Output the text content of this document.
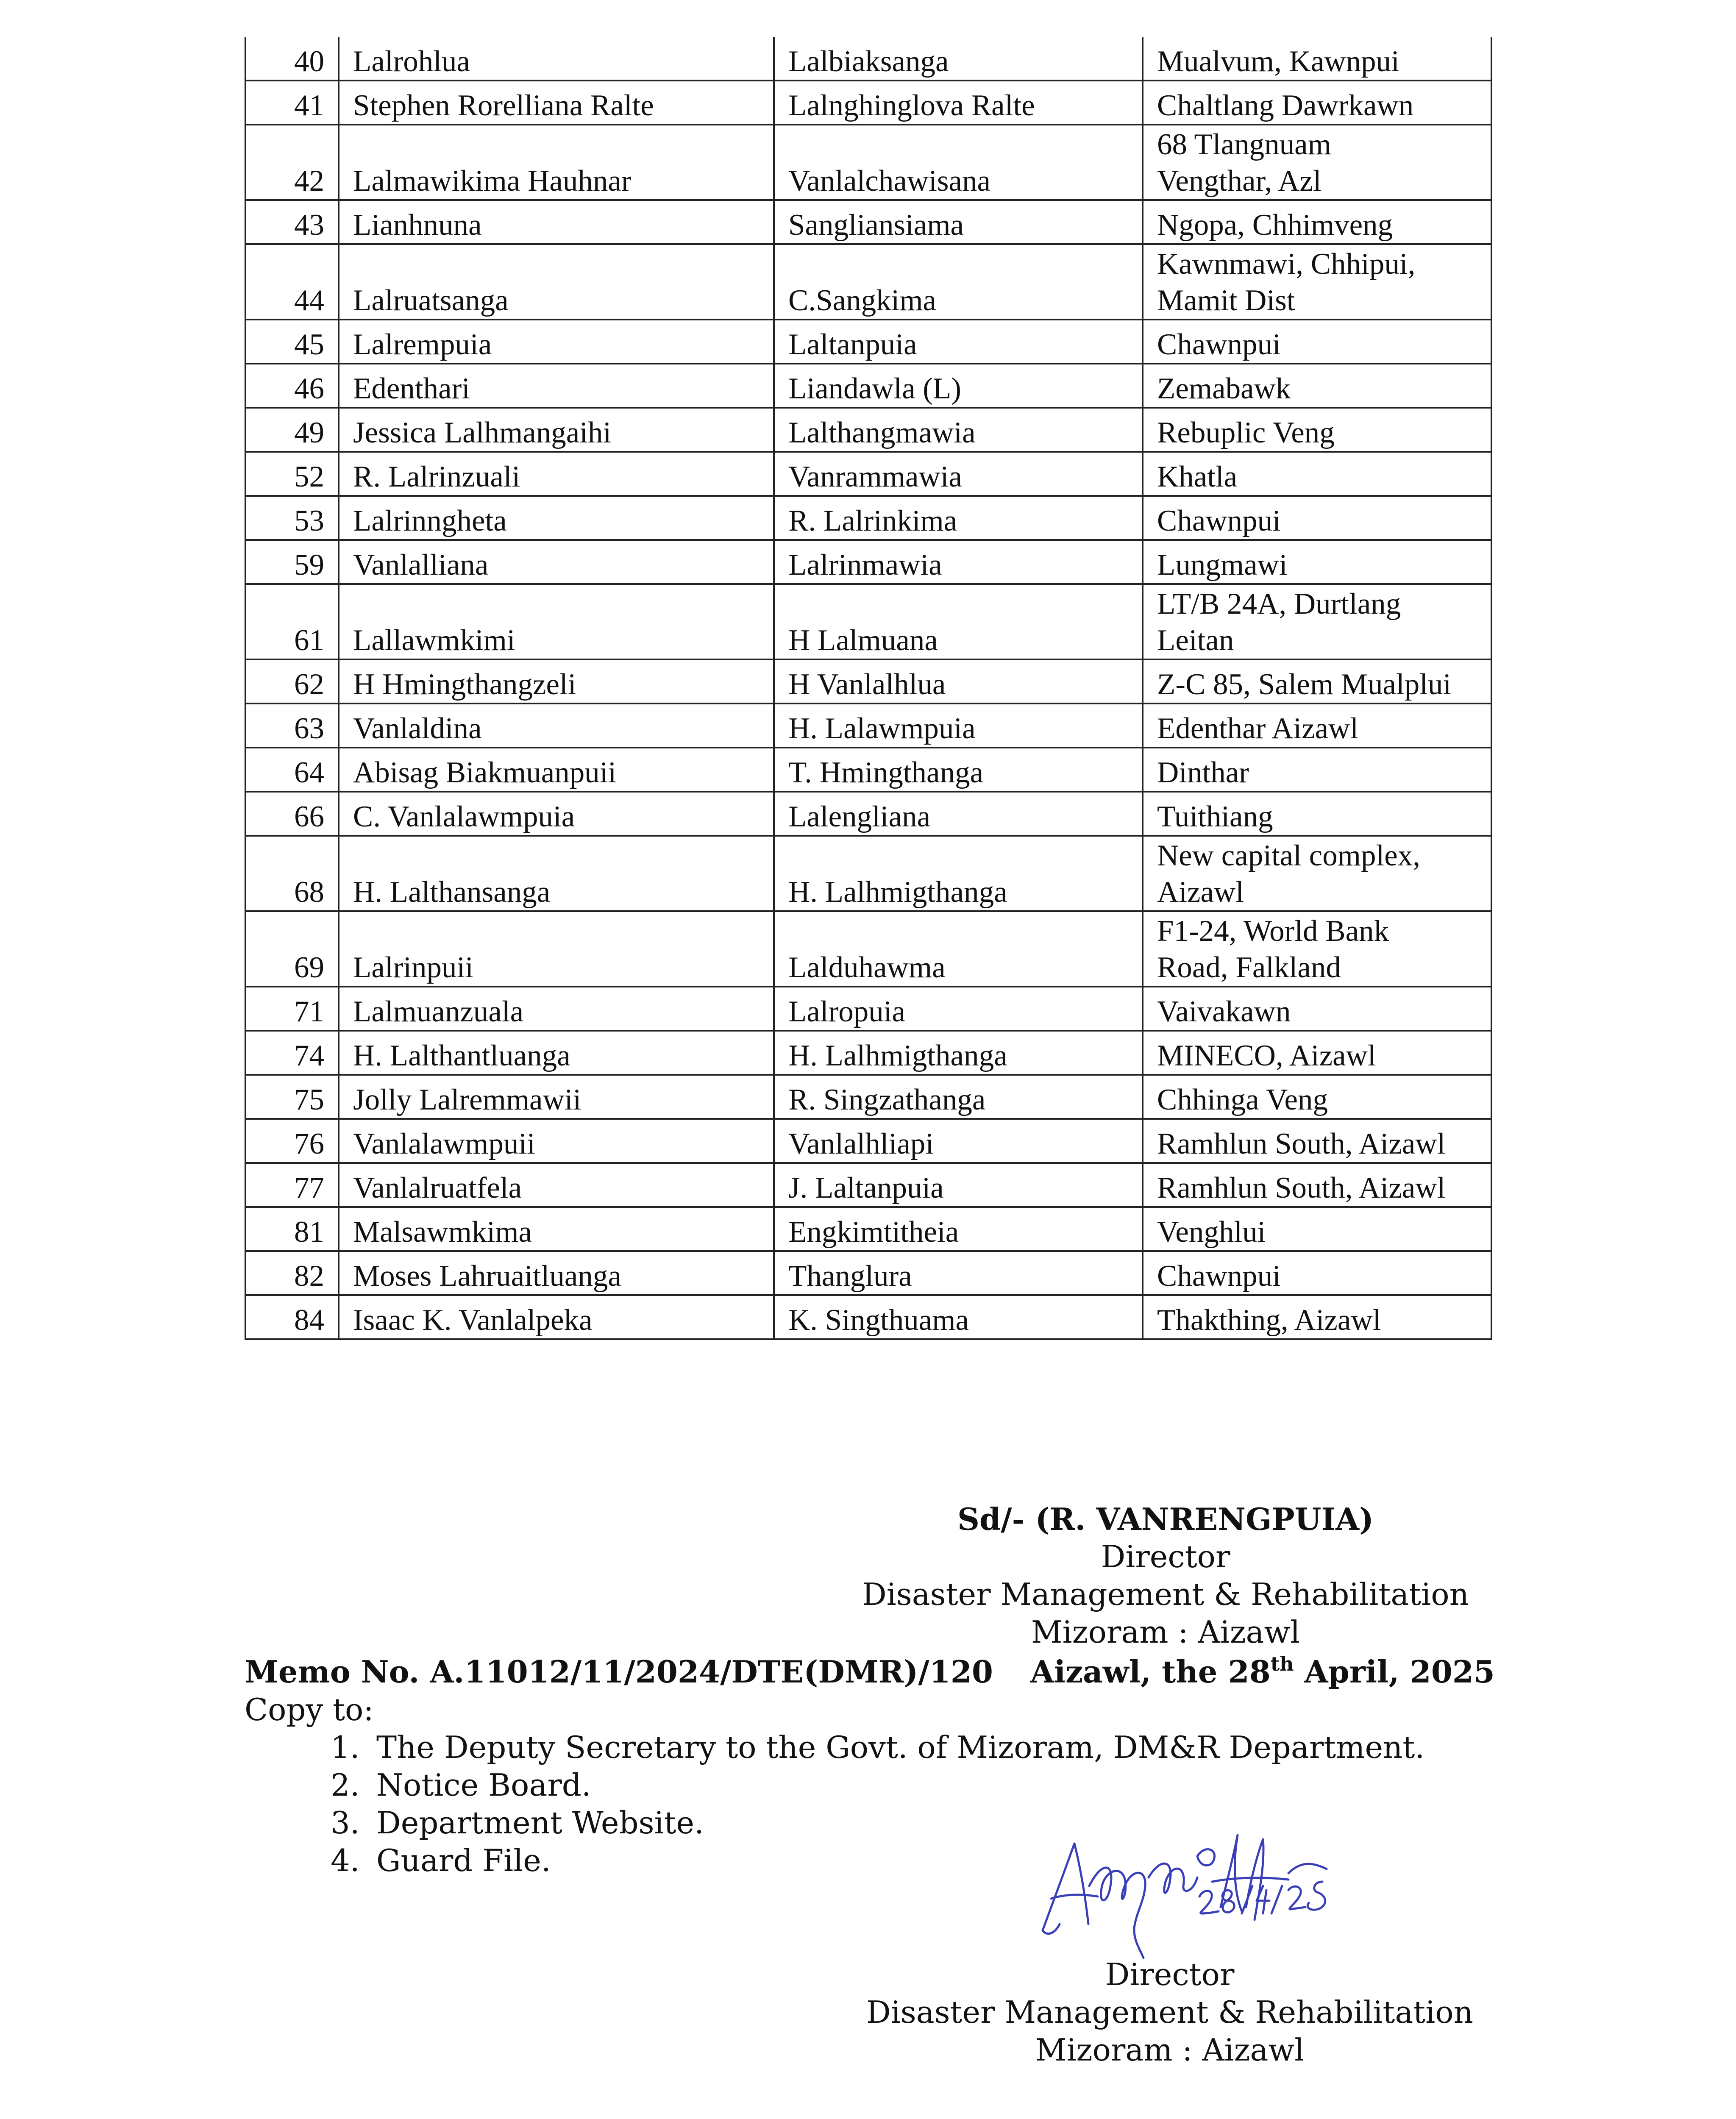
40	Lalrohlua	Lalbiaksanga	Mualvum, Kawnpui
41	Stephen Rorelliana Ralte	Lalnghinglova Ralte	Chaltlang Dawrkawn
42	Lalmawikima Hauhnar	Vanlalchawisana	68 Tlangnuam
Vengthar, Azl
43	Lianhnuna	Sangliansiama	Ngopa, Chhimveng
44	Lalruatsanga	C.Sangkima	Kawnmawi, Chhipui,
Mamit Dist
45	Lalrempuia	Laltanpuia	Chawnpui
46	Edenthari	Liandawla (L)	Zemabawk
49	Jessica Lalhmangaihi	Lalthangmawia	Rebuplic Veng
52	R. Lalrinzuali	Vanrammawia	Khatla
53	Lalrinngheta	R. Lalrinkima	Chawnpui
59	Vanlalliana	Lalrinmawia	Lungmawi
61	Lallawmkimi	H Lalmuana	LT/B 24A, Durtlang
Leitan
62	H Hmingthangzeli	H Vanlalhlua	Z-C 85, Salem Mualplui
63	Vanlaldina	H. Lalawmpuia	Edenthar Aizawl
64	Abisag Biakmuanpuii	T. Hmingthanga	Dinthar
66	C. Vanlalawmpuia	Lalengliana	Tuithiang
68	H. Lalthansanga	H. Lalhmigthanga	New capital complex,
Aizawl
69	Lalrinpuii	Lalduhawma	F1-24, World Bank
Road, Falkland
71	Lalmuanzuala	Lalropuia	Vaivakawn
74	H. Lalthantluanga	H. Lalhmigthanga	MINECO, Aizawl
75	Jolly Lalremmawii	R. Singzathanga	Chhinga Veng
76	Vanlalawmpuii	Vanlalhliapi	Ramhlun South, Aizawl
77	Vanlalruatfela	J. Laltanpuia	Ramhlun South, Aizawl
81	Malsawmkima	Engkimtitheia	Venghlui
82	Moses Lahruaitluanga	Thanglura	Chawnpui
84	Isaac K. Vanlalpeka	K. Singthuama	Thakthing, Aizawl
Sd/- (R. VANRENGPUIA)
Director
Disaster Management & Rehabilitation
Mizoram : Aizawl
Memo No. A.11012/11/2024/DTE(DMR)/120 Aizawl, the 28th April, 2025
Copy to:
1. The Deputy Secretary to the Govt. of Mizoram, DM&R Department.
2. Notice Board.
3. Department Website.
4. Guard File.
Director
Disaster Management & Rehabilitation
Mizoram : Aizawl
